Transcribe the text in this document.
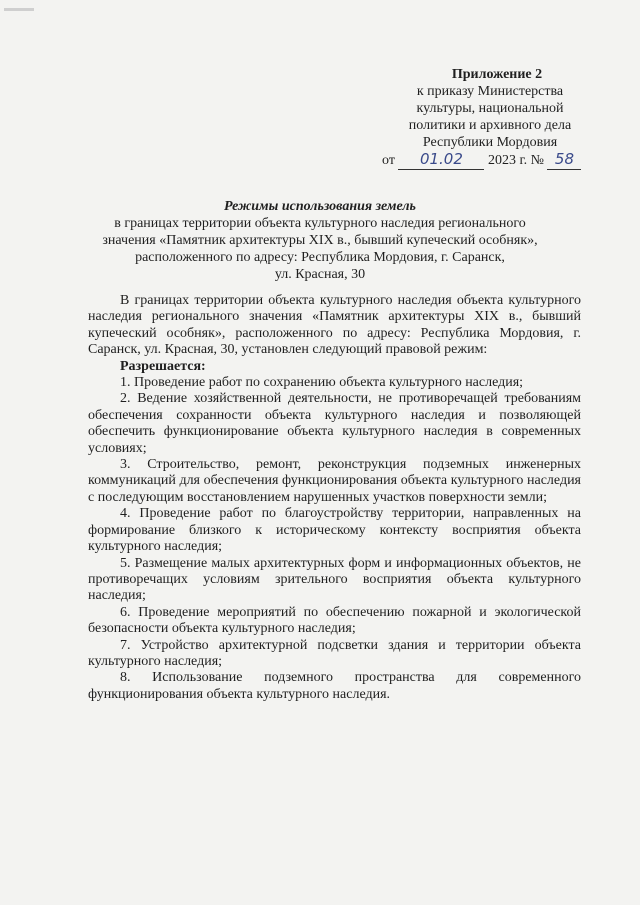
Приложение 2
к приказу Министерства
культуры, национальной
политики и архивного дела
Республики Мордовия
от 01.02 2023 г. № 58
Режимы использования земель
в границах территории объекта культурного наследия регионального
значения «Памятник архитектуры XIX в., бывший купеческий особняк»,
расположенного по адресу: Республика Мордовия, г. Саранск,
ул. Красная, 30

В границах территории объекта культурного наследия объекта культурного наследия регионального значения «Памятник архитектуры XIX в., бывший купеческий особняк», расположенного по адресу: Республика Мордовия, г. Саранск, ул. Красная, 30, установлен следующий правовой режим:

Разрешается:

1. Проведение работ по сохранению объекта культурного наследия;

2. Ведение хозяйственной деятельности, не противоречащей требованиям обеспечения сохранности объекта культурного наследия и позволяющей обеспечить функционирование объекта культурного наследия в современных условиях;

3. Строительство, ремонт, реконструкция подземных инженерных коммуникаций для обеспечения функционирования объекта культурного наследия с последующим восстановлением нарушенных участков поверхности земли;

4. Проведение работ по благоустройству территории, направленных на формирование близкого к историческому контексту восприятия объекта культурного наследия;

5. Размещение малых архитектурных форм и информационных объектов, не противоречащих условиям зрительного восприятия объекта культурного наследия;

6. Проведение мероприятий по обеспечению пожарной и экологической безопасности объекта культурного наследия;

7. Устройство архитектурной подсветки здания и территории объекта культурного наследия;

8. Использование подземного пространства для современного функционирования объекта культурного наследия.
